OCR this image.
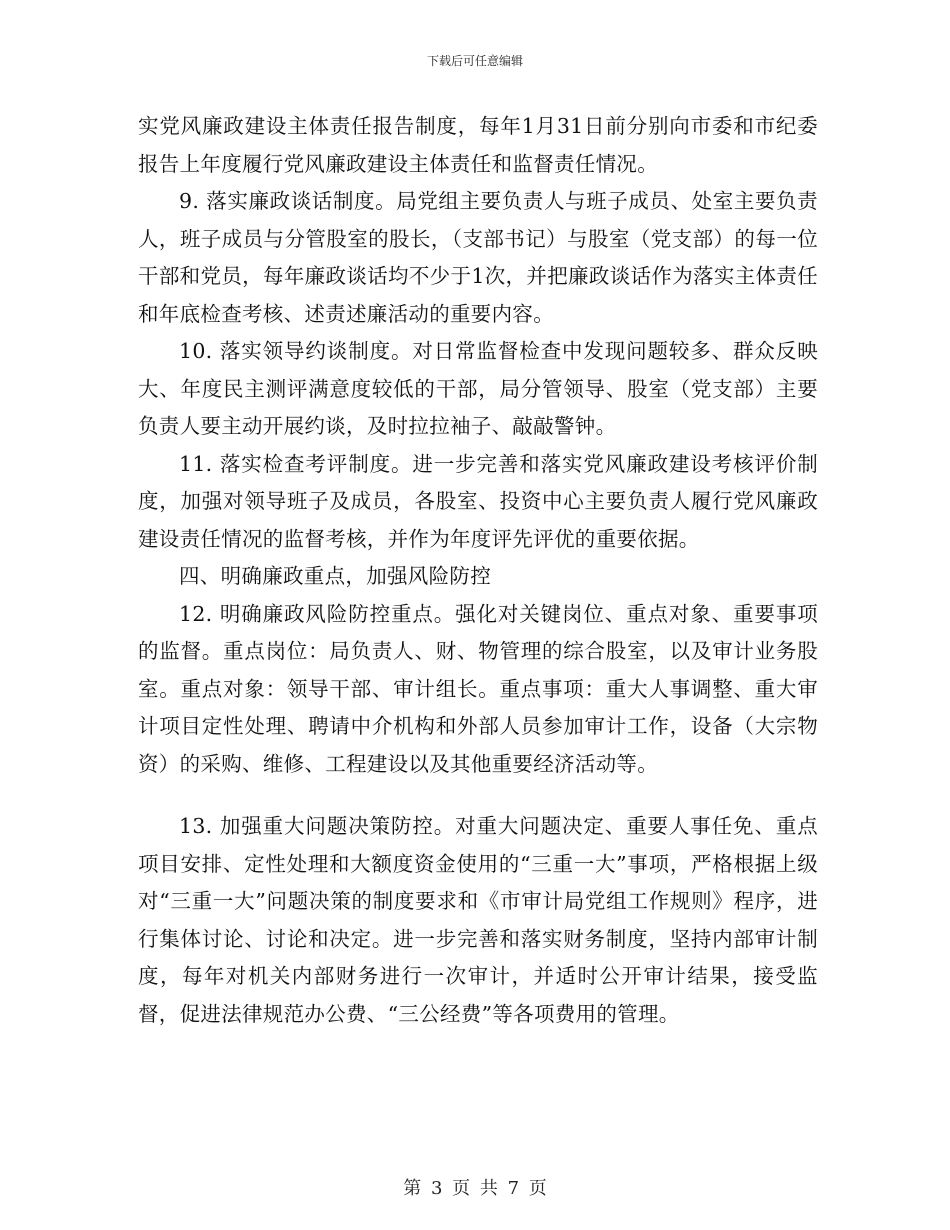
下载后可任意编辑

实党风廉政建设主体责任报告制度，每年1月31日前分别向市委和市纪委报告上年度履行党风廉政建设主体责任和监督责任情况。

9. 落实廉政谈话制度。局党组主要负责人与班子成员、处室主要负责人，班子成员与分管股室的股长，（支部书记）与股室（党支部）的每一位干部和党员，每年廉政谈话均不少于1次，并把廉政谈话作为落实主体责任和年底检查考核、述责述廉活动的重要内容。

10. 落实领导约谈制度。对日常监督检查中发现问题较多、群众反映大、年度民主测评满意度较低的干部，局分管领导、股室（党支部）主要负责人要主动开展约谈，及时拉拉袖子、敲敲警钟。

11. 落实检查考评制度。进一步完善和落实党风廉政建设考核评价制度，加强对领导班子及成员，各股室、投资中心主要负责人履行党风廉政建设责任情况的监督考核，并作为年度评先评优的重要依据。

四、明确廉政重点，加强风险防控

12. 明确廉政风险防控重点。强化对关键岗位、重点对象、重要事项的监督。重点岗位：局负责人、财、物管理的综合股室，以及审计业务股室。重点对象：领导干部、审计组长。重点事项：重大人事调整、重大审计项目定性处理、聘请中介机构和外部人员参加审计工作，设备（大宗物资）的采购、维修、工程建设以及其他重要经济活动等。

13. 加强重大问题决策防控。对重大问题决定、重要人事任免、重点项目安排、定性处理和大额度资金使用的“三重一大”事项，严格根据上级对“三重一大”问题决策的制度要求和《市审计局党组工作规则》程序，进行集体讨论、讨论和决定。进一步完善和落实财务制度，坚持内部审计制度，每年对机关内部财务进行一次审计，并适时公开审计结果，接受监督，促进法律规范办公费、“三公经费”等各项费用的管理。

第 3 页 共 7 页
